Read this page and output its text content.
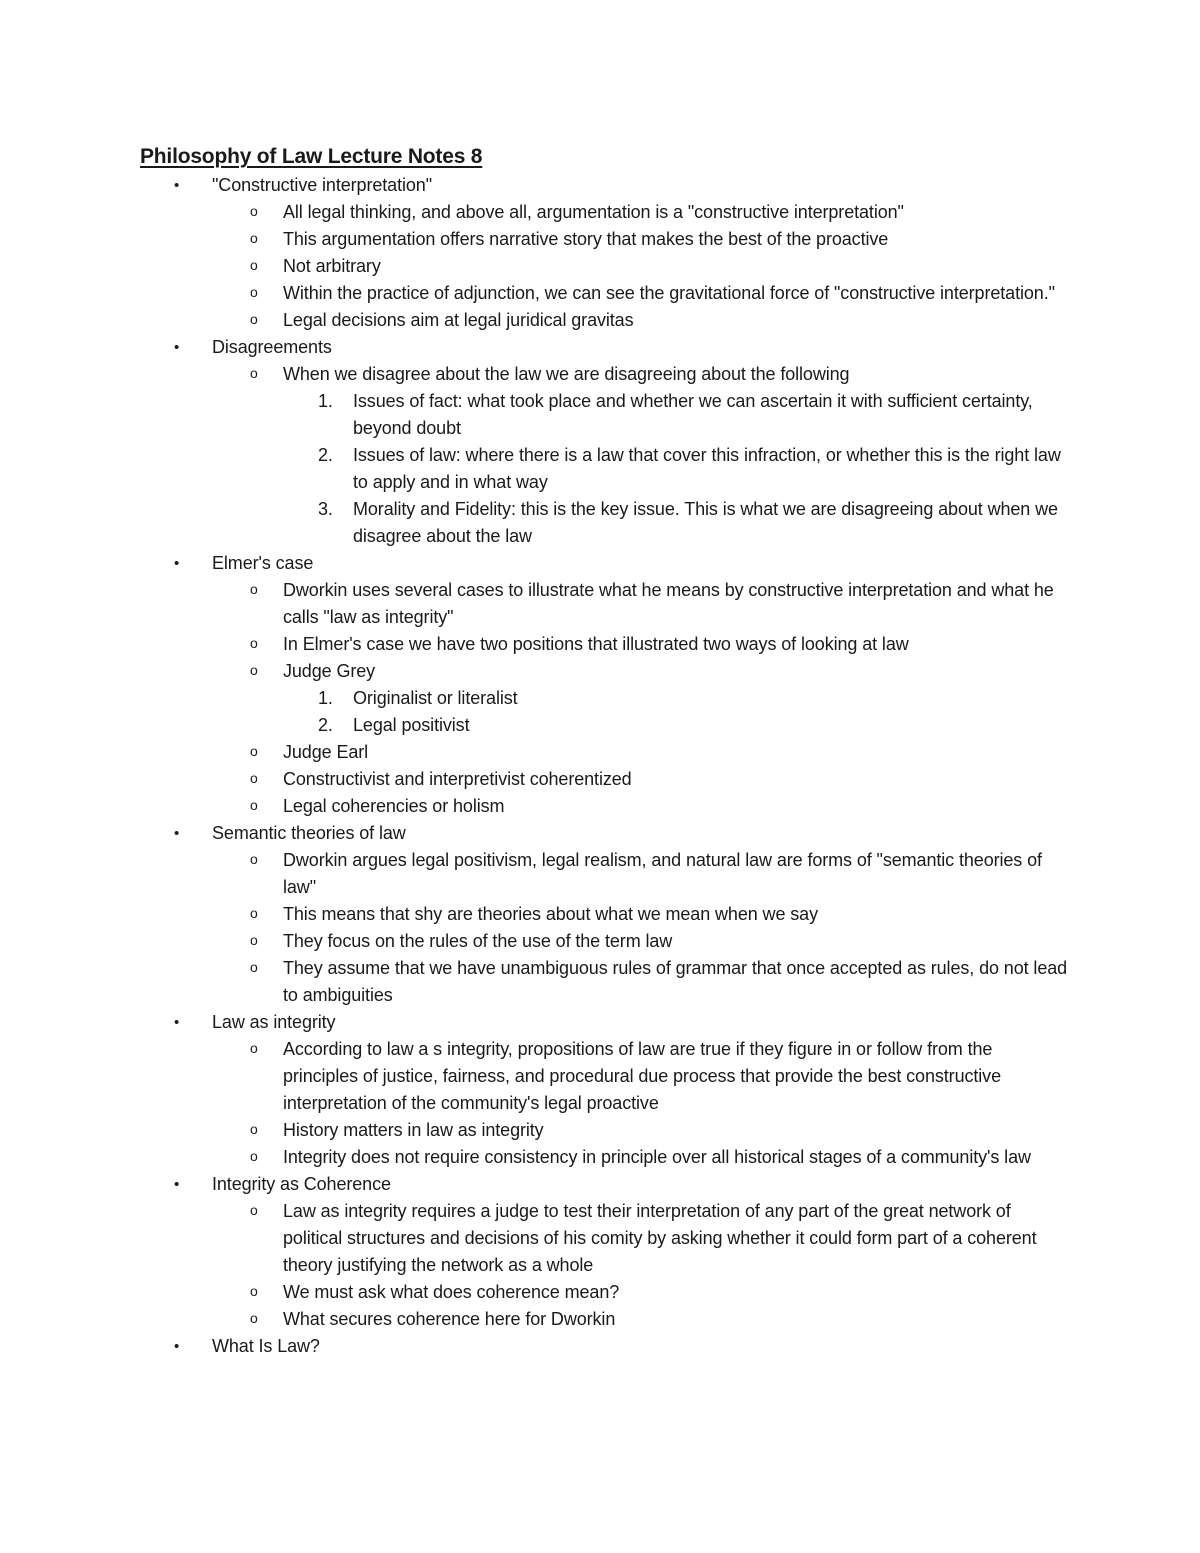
Philosophy of Law Lecture Notes 8
• "Constructive interpretation"
o All legal thinking, and above all, argumentation is a "constructive interpretation"
o This argumentation offers narrative story that makes the best of the proactive
o Not arbitrary
o Within the practice of adjunction, we can see the gravitational force of "constructive interpretation."
o Legal decisions aim at legal juridical gravitas
• Disagreements
o When we disagree about the law we are disagreeing about the following
1. Issues of fact: what took place and whether we can ascertain it with sufficient certainty, beyond doubt
2. Issues of law: where there is a law that cover this infraction, or whether this is the right law to apply and in what way
3. Morality and Fidelity: this is the key issue. This is what we are disagreeing about when we disagree about the law
• Elmer's case
o Dworkin uses several cases to illustrate what he means by constructive interpretation and what he calls "law as integrity"
o In Elmer's case we have two positions that illustrated two ways of looking at law
o Judge Grey
1. Originalist or literalist
2. Legal positivist
o Judge Earl
o Constructivist and interpretivist coherentized
o Legal coherencies or holism
• Semantic theories of law
o Dworkin argues legal positivism, legal realism, and natural law are forms of "semantic theories of law"
o This means that shy are theories about what we mean when we say
o They focus on the rules of the use of the term law
o They assume that we have unambiguous rules of grammar that once accepted as rules, do not lead to ambiguities
• Law as integrity
o According to law a s integrity, propositions of law are true if they figure in or follow from the principles of justice, fairness, and procedural due process that provide the best constructive interpretation of the community's legal proactive
o History matters in law as integrity
o Integrity does not require consistency in principle over all historical stages of a community's law
• Integrity as Coherence
o Law as integrity requires a judge to test their interpretation of any part of the great network of political structures and decisions of his comity by asking whether it could form part of a coherent theory justifying the network as a whole
o We must ask what does coherence mean?
o What secures coherence here for Dworkin
• What Is Law?
